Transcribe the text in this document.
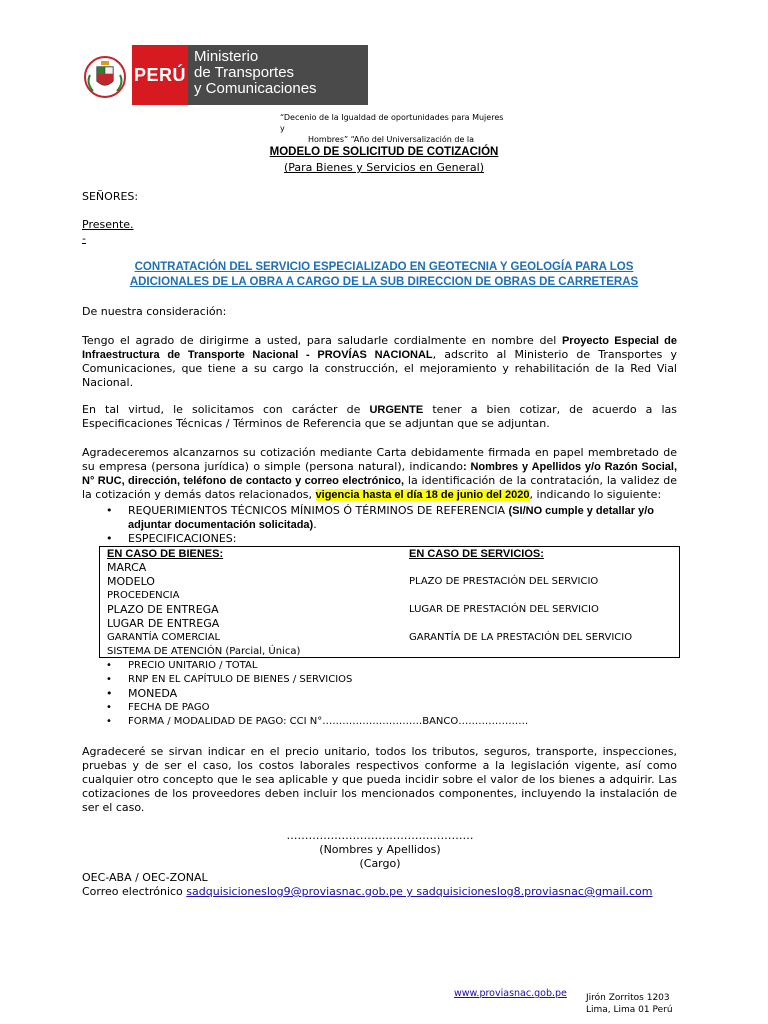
PERÚ
Ministerio
de Transportes
y Comunicaciones
“Decenio de la Igualdad de oportunidades para Mujeres y
Hombres” “Año del Universalización de la
MODELO DE SOLICITUD DE COTIZACIÓN
(Para Bienes y Servicios en General)
SEÑORES:
Presente.
-
CONTRATACIÓN DEL SERVICIO ESPECIALIZADO EN GEOTECNIA Y GEOLOGÍA PARA LOS
ADICIONALES DE LA OBRA A CARGO DE LA SUB DIRECCION DE OBRAS DE CARRETERAS
De nuestra consideración:
Tengo el agrado de dirigirme a usted, para saludarle cordialmente en nombre del Proyecto Especial de Infraestructura de Transporte Nacional - PROVÍAS NACIONAL, adscrito al Ministerio de Transportes y Comunicaciones, que tiene a su cargo la construcción, el mejoramiento y rehabilitación de la Red Vial Nacional.
En tal virtud, le solicitamos con carácter de URGENTE tener a bien cotizar, de acuerdo a las Especificaciones Técnicas / Términos de Referencia que se adjuntan que se adjuntan.
Agradeceremos alcanzarnos su cotización mediante Carta debidamente firmada en papel membretado de su empresa (persona jurídica) o simple (persona natural), indicando: Nombres y Apellidos y/o Razón Social, N° RUC, dirección, teléfono de contacto y correo electrónico, la identificación de la contratación, la validez de la cotización y demás datos relacionados, vigencia hasta el día 18 de junio del 2020, indicando lo siguiente:
• REQUERIMIENTOS TÉCNICOS MÍNIMOS Ó TÉRMINOS DE REFERENCIA (SI/NO cumple y detallar y/o adjuntar documentación solicitada).
• ESPECIFICACIONES:
EN CASO DE BIENES:
MARCA
MODELO
PROCEDENCIA
PLAZO DE ENTREGA
LUGAR DE ENTREGA
GARANTÍA COMERCIAL
SISTEMA DE ATENCIÓN (Parcial, Única)
EN CASO DE SERVICIOS:
PLAZO DE PRESTACIÓN DEL SERVICIO
LUGAR DE PRESTACIÓN DEL SERVICIO
GARANTÍA DE LA PRESTACIÓN DEL SERVICIO
• PRECIO UNITARIO / TOTAL
• RNP EN EL CAPÍTULO DE BIENES / SERVICIOS
• MONEDA
• FECHA DE PAGO
• FORMA / MODALIDAD DE PAGO: CCI N°…………………………BANCO…………………
Agradeceré se sirvan indicar en el precio unitario, todos los tributos, seguros, transporte, inspecciones, pruebas y de ser el caso, los costos laborales respectivos conforme a la legislación vigente, así como cualquier otro concepto que le sea aplicable y que pueda incidir sobre el valor de los bienes a adquirir. Las cotizaciones de los proveedores deben incluir los mencionados componentes, incluyendo la instalación de ser el caso.
……………………………………………
(Nombres y Apellidos)
(Cargo)
OEC-ABA / OEC-ZONAL
Correo electrónico sadquisicioneslog9@proviasnac.gob.pe y sadquisicioneslog8.proviasnac@gmail.com
www.proviasnac.gob.pe Jirón Zorritos 1203
Lima, Lima 01 Perú
